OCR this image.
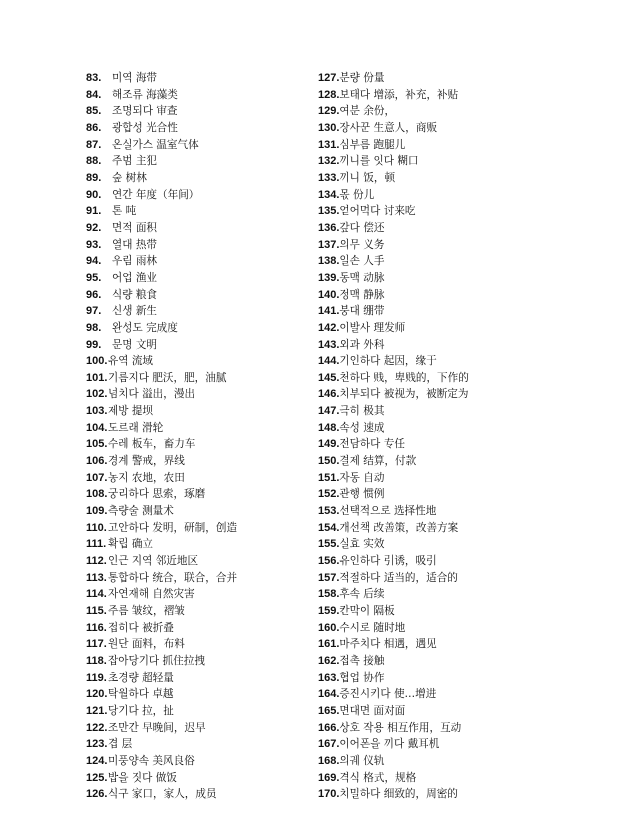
83. 미역 海带
84. 해조류 海藻类
85. 조명되다 审查
86. 광합성 光合性
87. 온실가스 温室气体
88. 주범 主犯
89. 숲 树林
90. 연간 年度（年间）
91. 톤 吨
92. 면적 面积
93. 열대 热带
94. 우림 雨林
95. 어업 渔业
96. 식량 粮食
97. 신생 新生
98. 완성도 完成度
99. 문명 文明
100.유역 流域
101.기름지다 肥沃，肥，油腻
102.넘치다 溢出，漫出
103.제방 提坝
104.도르래 滑轮
105.수레 板车，畜力车
106.경계 警戒，界线
107.농지 农地，农田
108.궁리하다 思索，琢磨
109.측량술 测量术
110.고안하다 发明，研制，创造
111. 확립 确立
112.인근 지역 邻近地区
113.통합하다 统合，联合，合并
114.자연재해 自然灾害
115.주름 皱纹，褶皱
116.접히다 被折叠
117.원단 面料，布料
118.잡아당기다 抓住拉拽
119.초경량 超轻量
120.탁월하다 卓越
121.당기다 拉，扯
122.조만간 早晚间，迟早
123.겹 层
124.미풍양속 美风良俗
125.밥을 짓다 做饭
126.식구 家口，家人，成员
127.분량 份量
128.보태다 增添，补充，补贴
129.여분 余份，
130.장사꾼 生意人，商贩
131.심부름 跑腿儿
132.끼니를 잇다 糊口
133.끼니 饭，顿
134.몫 份儿
135.얻어먹다 讨来吃
136.갚다 偿还
137.의무 义务
138.일손 人手
139.동맥 动脉
140.정맥 静脉
141.붕대 绷带
142.이발사 理发师
143.외과 外科
144.기인하다 起因，缘于
145.천하다 贱，卑贱的，下作的
146.치부되다 被视为，被断定为
147.극히 极其
148.속성 速成
149.전담하다 专任
150.결제 结算，付款
151.자동 自动
152.관행 惯例
153.선택적으로 选择性地
154.개선책 改善策，改善方案
155.실효 实效
156.유인하다 引诱，吸引
157.적절하다 适当的，适合的
158.후속 后续
159.칸막이 隔板
160.수시로 随时地
161.마주치다 相遇，遇见
162.접촉 接触
163.협업 协作
164.증진시키다 使…增进
165.면대면 面对面
166.상호 작용 相互作用，互动
167.이어폰을 끼다 戴耳机
168.의궤 仪轨
169.격식 格式，规格
170.치밀하다 细致的，周密的
